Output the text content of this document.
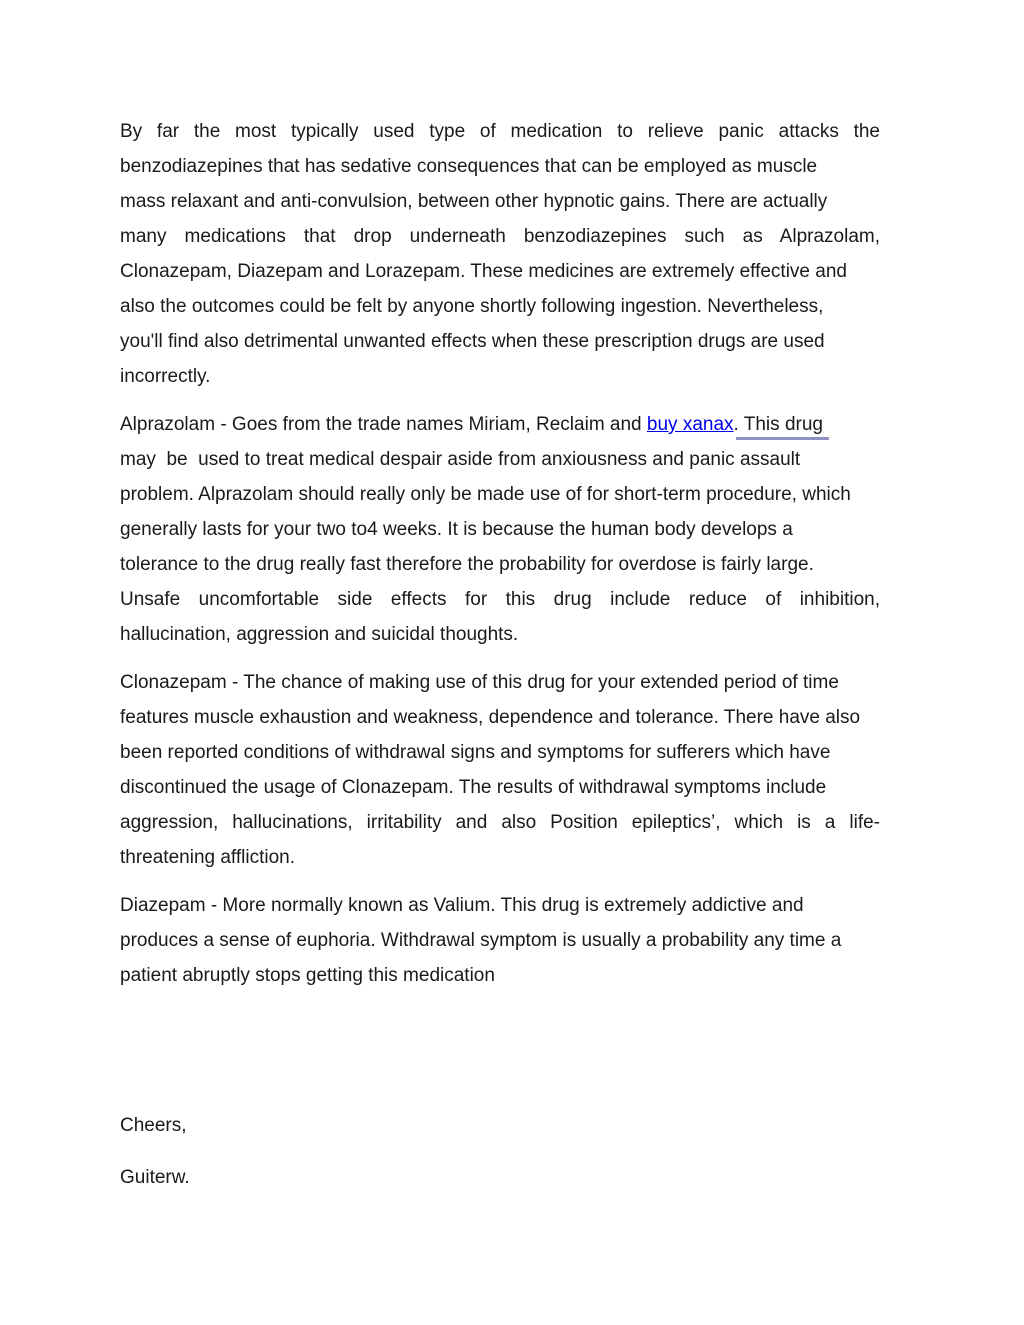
By far the most typically used type of medication to relieve panic attacks the
benzodiazepines that has sedative consequences that can be employed as muscle
mass relaxant and anti-convulsion, between other hypnotic gains. There are actually
many medications that drop underneath benzodiazepines such as Alprazolam,
Clonazepam, Diazepam and Lorazepam. These medicines are extremely effective and
also the outcomes could be felt by anyone shortly following ingestion. Nevertheless,
you'll find also detrimental unwanted effects when these prescription drugs are used
incorrectly.

Alprazolam - Goes from the trade names Miriam, Reclaim and buy xanax. This drug
may  be  used to treat medical despair aside from anxiousness and panic assault
problem. Alprazolam should really only be made use of for short-term procedure, which
generally lasts for your two to4 weeks. It is because the human body develops a
tolerance to the drug really fast therefore the probability for overdose is fairly large.
Unsafe uncomfortable side effects for this drug include reduce of inhibition,
hallucination, aggression and suicidal thoughts.

Clonazepam - The chance of making use of this drug for your extended period of time
features muscle exhaustion and weakness, dependence and tolerance. There have also
been reported conditions of withdrawal signs and symptoms for sufferers which have
discontinued the usage of Clonazepam. The results of withdrawal symptoms include
aggression, hallucinations, irritability and also Position epileptics’, which is a life-
threatening affliction.

Diazepam - More normally known as Valium. This drug is extremely addictive and
produces a sense of euphoria. Withdrawal symptom is usually a probability any time a
patient abruptly stops getting this medication

Cheers,

Guiterw.
